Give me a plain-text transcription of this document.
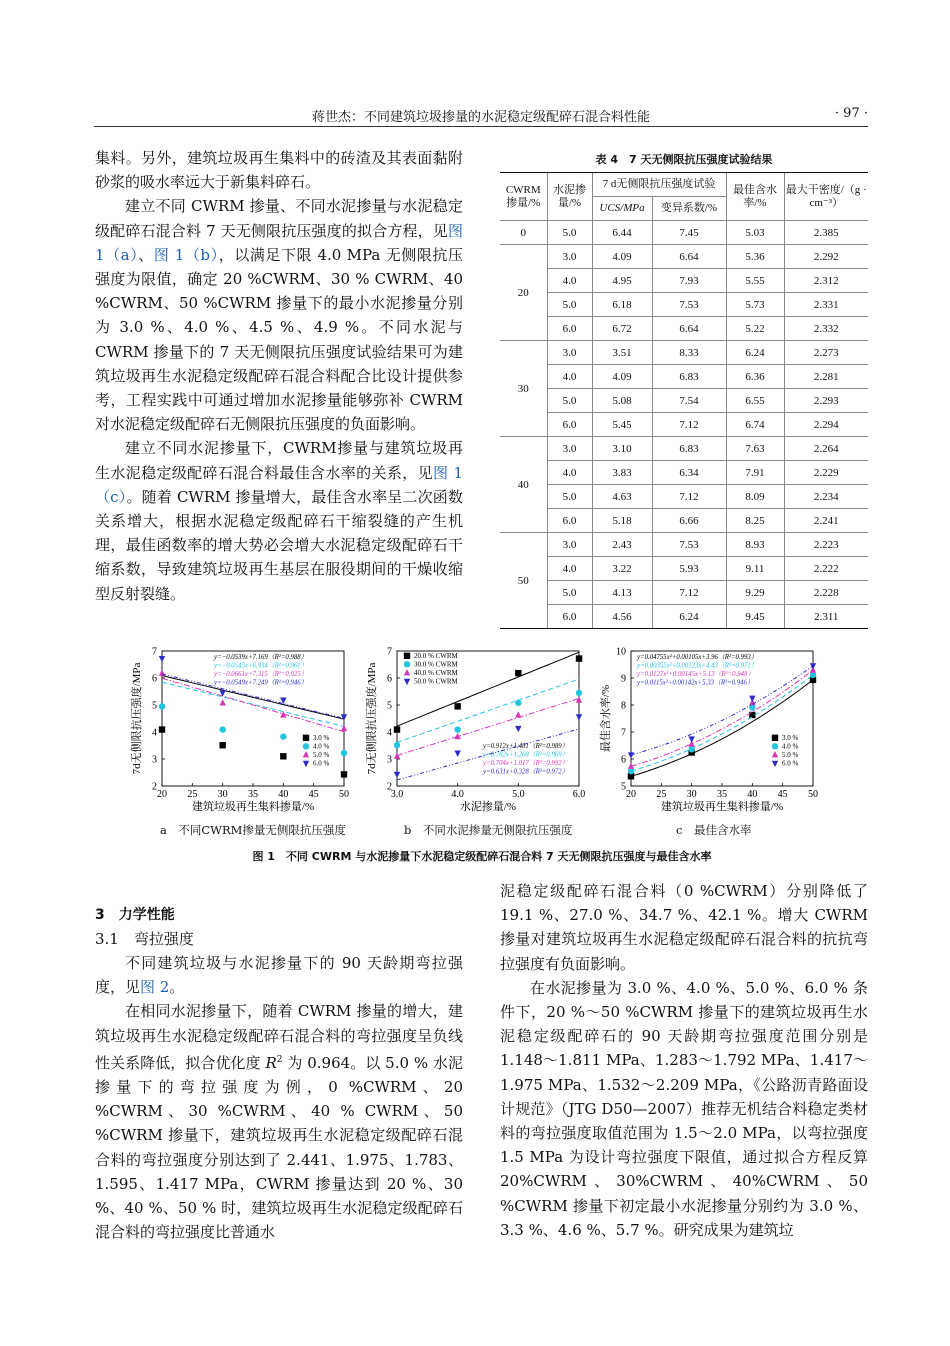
蒋世杰：不同建筑垃圾掺量的水泥稳定级配碎石混合料性能	· 97 ·

集料。另外，建筑垃圾再生集料中的砖渣及其表面黏附砂浆的吸水率远大于新集料碎石。

建立不同 CWRM 掺量、不同水泥掺量与水泥稳定级配碎石混合料 7 天无侧限抗压强度的拟合方程，见图 1（a）、图 1（b），以满足下限 4.0 MPa 无侧限抗压强度为限值，确定 20 %CWRM、30 % CWRM、40 %CWRM、50 %CWRM 掺量下的最小水泥掺量分别为 3.0 %、4.0 %、4.5 %、4.9 %。不同水泥与 CWRM 掺量下的 7 天无侧限抗压强度试验结果可为建筑垃圾再生水泥稳定级配碎石混合料配合比设计提供参考，工程实践中可通过增加水泥掺量能够弥补 CWRM 对水泥稳定级配碎石无侧限抗压强度的负面影响。

建立不同水泥掺量下，CWRM掺量与建筑垃圾再生水泥稳定级配碎石混合料最佳含水率的关系，见图 1（c）。随着 CWRM 掺量增大，最佳含水率呈二次函数关系增大，根据水泥稳定级配碎石干缩裂缝的产生机理，最佳函数率的增大势必会增大水泥稳定级配碎石干缩系数，导致建筑垃圾再生基层在服役期间的干燥收缩型反射裂缝。

表 4　7 天无侧限抗压强度试验结果
CWRM 掺量/%	水泥掺量/%	7 d无侧限抗压强度试验		最佳含水率/%	最大干密度/（g · cm⁻³）
		UCS/MPa	变异系数/%		
0	5.0	6.44	7.45	5.03	2.385
20	3.0	4.09	6.64	5.36	2.292
	4.0	4.95	7.93	5.55	2.312
	5.0	6.18	7.53	5.73	2.331
	6.0	6.72	6.64	5.22	2.332
30	3.0	3.51	8.33	6.24	2.273
	4.0	4.09	6.83	6.36	2.281
	5.0	5.08	7.54	6.55	2.293
	6.0	5.45	7.12	6.74	2.294
40	3.0	3.10	6.83	7.63	2.264
	4.0	3.83	6.34	7.91	2.229
	5.0	4.63	7.12	8.09	2.234
	6.0	5.18	6.66	8.25	2.241
50	3.0	2.43	7.53	8.93	2.223
	4.0	3.22	5.93	9.11	2.222
	5.0	4.13	7.12	9.29	2.228
	6.0	4.56	6.24	9.45	2.311
20 25 30 35 40 45 50
2
3
4
5
6
7
建筑垃圾再生集料掺量/%
7d无侧限抗压强度/MPa
y=−0.0539x+7.169（R²=0.988）
3.0 %
y=−0.0545x+6.934（R²=0.961）
4.0 %
y=−0.0661x+7.315（R²=0.925）
5.0 %
y=−0.0549x+7.249（R²=0.946）
6.0 %
3.0	4.0	5.0	6.0
2
3
4
5
6
7
水泥掺量/%
7d无侧限抗压强度/MPa	y=0.912x+1.481（R²=0.989）
20.0 % CWRM
y=0.782x+1.268（R²=0.969）
30.0 % CWRM
y=0.704x+1.017（R²=0.992）
40.0 % CWRM
y=0.631x+0.328（R²=0.972）
50.0 % CWRM
20 25 30 35 40 45 50
5
6
7
8
9
10
建筑垃圾再生集料掺量/%
最佳含水率/%
y=0.04755x²+0.00105x+3.96（R²=0.993）
3.0 %
y=0.00355x²+0.00123x+4.43（R²=0.971）
4.0 %
y=0.0127x²+0.00145x+5.13（R²=0.948）
5.0 %
y=0.0115x²+0.00142x+5.33（R²=0.946）
6.0 %
a　不同CWRM掺量无侧限抗压强度	b　不同水泥掺量无侧限抗压强度	c　最佳含水率
图 1　不同 CWRM 与水泥掺量下水泥稳定级配碎石混合料 7 天无侧限抗压强度与最佳含水率

3　力学性能

3.1　弯拉强度

不同建筑垃圾与水泥掺量下的 90 天龄期弯拉强度，见图 2。

在相同水泥掺量下，随着 CWRM 掺量的增大，建筑垃圾再生水泥稳定级配碎石混合料的弯拉强度呈负线性关系降低，拟合优化度 $R^2$ 为 0.964。以 5.0 % 水泥掺量下的弯拉强度为例，0 %CWRM、20 %CWRM、30 %CWRM、40 % CWRM、50 %CWRM 掺量下，建筑垃圾再生水泥稳定级配碎石混合料的弯拉强度分别达到了 2.441、1.975、1.783、1.595、1.417 MPa，CWRM 掺量达到 20 %、30 %、40 %、50 % 时，建筑垃圾再生水泥稳定级配碎石混合料的弯拉强度比普通水

泥稳定级配碎石混合料（0 %CWRM）分别降低了 19.1 %、27.0 %、34.7 %、42.1 %。增大 CWRM 掺量对建筑垃圾再生水泥稳定级配碎石混合料的抗抗弯拉强度有负面影响。

在水泥掺量为 3.0 %、4.0 %、5.0 %、6.0 % 条件下，20 %～50 %CWRM 掺量下的建筑垃圾再生水泥稳定级配碎石的 90 天龄期弯拉强度范围分别是 1.148～1.811 MPa、1.283～1.792 MPa、1.417～1.975 MPa、1.532～2.209 MPa，《公路沥青路面设计规范》（JTG D50—2007）推荐无机结合料稳定类材料的弯拉强度取值范围为 1.5～2.0 MPa，以弯拉强度 1.5 MPa 为设计弯拉强度下限值，通过拟合方程反算 20%CWRM、30%CWRM、40%CWRM、50 %CWRM 掺量下初定最小水泥掺量分别约为 3.0 %、3.3 %、4.6 %、5.7 %。研究成果为建筑垃
